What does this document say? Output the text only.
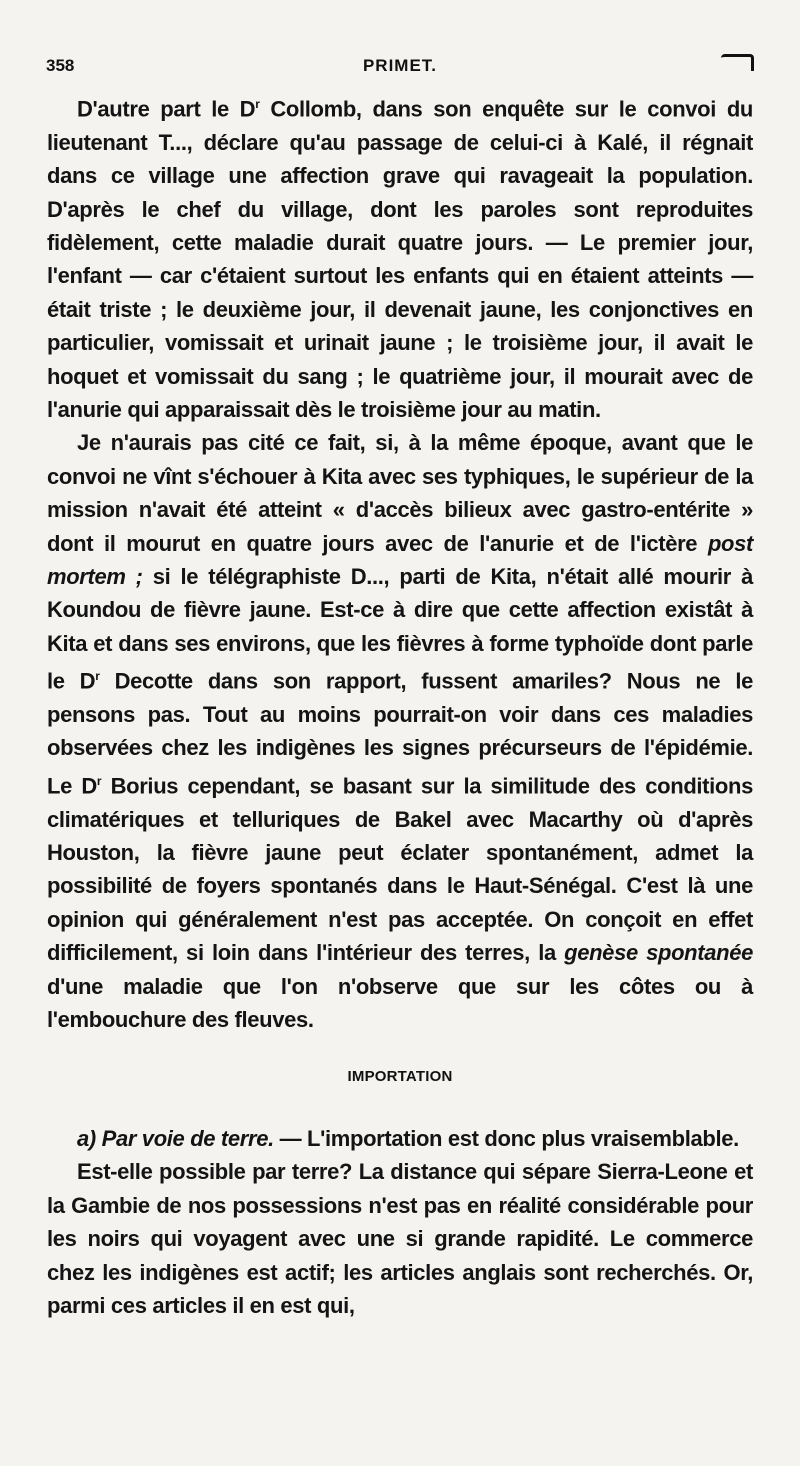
358	PRIMET.

D'autre part le $D^r$ Collomb, dans son enquête sur le convoi du lieutenant T..., déclare qu'au passage de celui-ci à Kalé, il régnait dans ce village une affection grave qui ravageait la population. D'après le chef du village, dont les paroles sont reproduites fidèlement, cette maladie durait quatre jours. — Le premier jour, l'enfant — car c'étaient surtout les enfants qui en étaient atteints — était triste ; le deuxième jour, il devenait jaune, les conjonctives en particulier, vomissait et urinait jaune ; le troisième jour, il avait le hoquet et vomissait du sang ; le quatrième jour, il mourait avec de l'anurie qui apparaissait dès le troisième jour au matin.

Je n'aurais pas cité ce fait, si, à la même époque, avant que le convoi ne vînt s'échouer à Kita avec ses typhiques, le supérieur de la mission n'avait été atteint « d'accès bilieux avec gastro-entérite » dont il mourut en quatre jours avec de l'anurie et de l'ictère post mortem ; si le télégraphiste D..., parti de Kita, n'était allé mourir à Koundou de fièvre jaune. Est-ce à dire que cette affection existât à Kita et dans ses environs, que les fièvres à forme typhoïde dont parle le $D^r$ Decotte dans son rapport, fussent amariles? Nous ne le pensons pas. Tout au moins pourrait-on voir dans ces maladies observées chez les indigènes les signes précurseurs de l'épidémie. Le $D^r$ Borius cependant, se basant sur la similitude des conditions climatériques et telluriques de Bakel avec Macarthy où d'après Houston, la fièvre jaune peut éclater spontanément, admet la possibilité de foyers spontanés dans le Haut-Sénégal. C'est là une opinion qui généralement n'est pas acceptée. On conçoit en effet difficilement, si loin dans l'intérieur des terres, la genèse spontanée d'une maladie que l'on n'observe que sur les côtes ou à l'embouchure des fleuves.

IMPORTATION

a) Par voie de terre. — L'importation est donc plus vraisemblable.

Est-elle possible par terre? La distance qui sépare Sierra-Leone et la Gambie de nos possessions n'est pas en réalité considérable pour les noirs qui voyagent avec une si grande rapidité. Le commerce chez les indigènes est actif; les articles anglais sont recherchés. Or, parmi ces articles il en est qui,
